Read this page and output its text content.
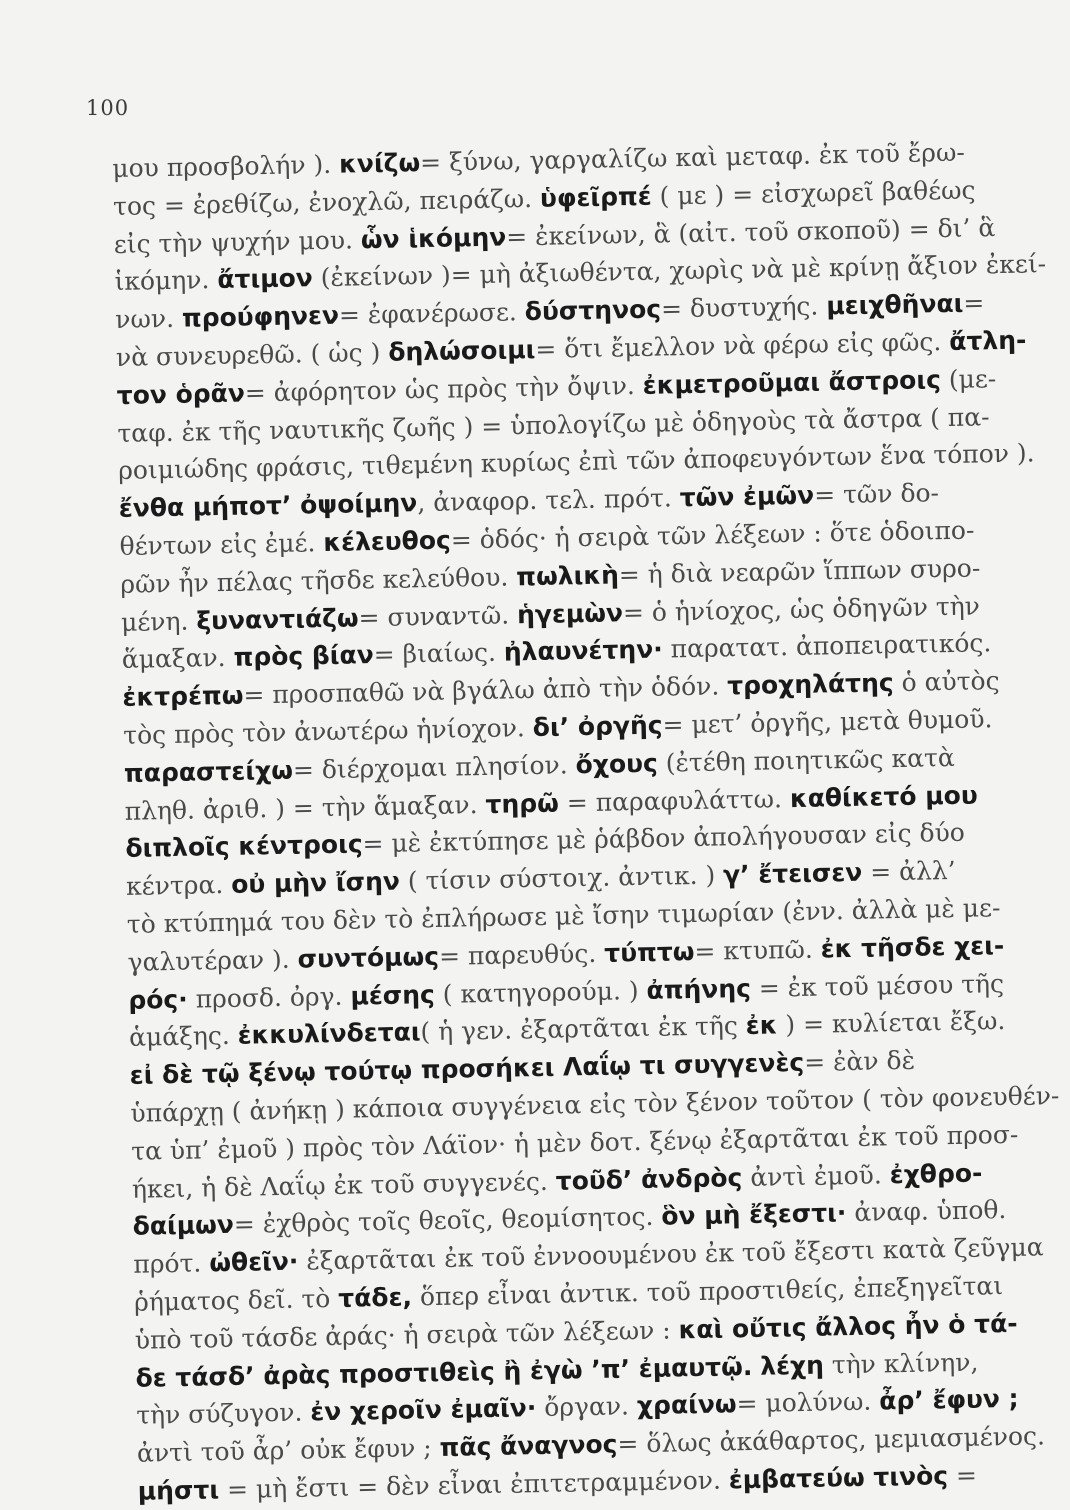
100
μου προσβολήν ). κνίζω= ξύνω, γαργαλίζω καὶ μεταφ. ἐκ τοῦ ἔρω-
τος = ἐρεθίζω, ἐνοχλῶ, πειράζω. ὑφεῖρπέ ( με ) = εἰσχωρεῖ βαθέως
εἰς τὴν ψυχήν μου. ὧν ἱκόμην= ἐκείνων, ἃ (αἰτ. τοῦ σκοποῦ) = δι’ ἃ
ἱκόμην. ἄτιμον (ἐκείνων )= μὴ ἀξιωθέντα, χωρὶς νὰ μὲ κρίνῃ ἄξιον ἐκεί-
νων. προύφηνεν= ἐφανέρωσε. δύστηνος= δυστυχής. μειχθῆναι=
νὰ συνευρεθῶ. ( ὡς ) δηλώσοιμι= ὅτι ἔμελλον νὰ φέρω εἰς φῶς. ἄτλη-
τον ὁρᾶν= ἀφόρητον ὡς πρὸς τὴν ὄψιν. ἐκμετροῦμαι ἄστροις (με-
ταφ. ἐκ τῆς ναυτικῆς ζωῆς ) = ὑπολογίζω μὲ ὁδηγοὺς τὰ ἄστρα ( πα-
ροιμιώδης φράσις, τιθεμένη κυρίως ἐπὶ τῶν ἀποφευγόντων ἕνα τόπον ).
ἔνθα μήποτ’ ὀψοίμην, ἀναφορ. τελ. πρότ. τῶν ἐμῶν= τῶν δο-
θέντων εἰς ἐμέ. κέλευθος= ὁδός· ἡ σειρὰ τῶν λέξεων : ὅτε ὁδοιπο-
ρῶν ἦν πέλας τῆσδε κελεύθου. πωλικὴ= ἡ διὰ νεαρῶν ἵππων συρο-
μένη. ξυναντιάζω= συναντῶ. ἡγεμὼν= ὁ ἡνίοχος, ὡς ὁδηγῶν τὴν
ἅμαξαν. πρὸς βίαν= βιαίως. ἠλαυνέτην· παρατατ. ἀποπειρατικός.
ἐκτρέπω= προσπαθῶ νὰ βγάλω ἀπὸ τὴν ὁδόν. τροχηλάτης ὁ αὐτὸς
τὸς πρὸς τὸν ἀνωτέρω ἡνίοχον. δι’ ὀργῆς= μετ’ ὀργῆς, μετὰ θυμοῦ.
παραστείχω= διέρχομαι πλησίον. ὄχους (ἐτέθη ποιητικῶς κατὰ
πληθ. ἀριθ. ) = τὴν ἅμαξαν. τηρῶ = παραφυλάττω. καθίκετό μου
διπλοῖς κέντροις= μὲ ἐκτύπησε μὲ ῥάβδον ἀπολήγουσαν εἰς δύο
κέντρα. οὐ μὴν ἴσην ( τίσιν σύστοιχ. ἀντικ. ) γ’ ἔτεισεν = ἀλλ’
τὸ κτύπημά του δὲν τὸ ἐπλήρωσε μὲ ἴσην τιμωρίαν (ἐνν. ἀλλὰ μὲ με-
γαλυτέραν ). συντόμως= παρευθύς. τύπτω= κτυπῶ. ἐκ τῆσδε χει-
ρός· προσδ. ὀργ. μέσης ( κατηγορούμ. ) ἀπήνης = ἐκ τοῦ μέσου τῆς
ἁμάξης. ἐκκυλίνδεται( ἡ γεν. ἐξαρτᾶται ἐκ τῆς ἐκ ) = κυλίεται ἔξω.
εἰ δὲ τῷ ξένῳ τούτῳ προσήκει Λαΐῳ τι συγγενὲς= ἐὰν δὲ
ὑπάρχῃ ( ἀνήκῃ ) κάποια συγγένεια εἰς τὸν ξένον τοῦτον ( τὸν φονευθέν-
τα ὑπ’ ἐμοῦ ) πρὸς τὸν Λάϊον· ἡ μὲν δοτ. ξένῳ ἐξαρτᾶται ἐκ τοῦ προσ-
ήκει, ἡ δὲ Λαΐῳ ἐκ τοῦ συγγενές. τοῦδ’ ἀνδρὸς ἀντὶ ἐμοῦ. ἐχθρο-
δαίμων= ἐχθρὸς τοῖς θεοῖς, θεομίσητος. ὃν μὴ ἔξεστι· ἀναφ. ὑποθ.
πρότ. ὠθεῖν· ἐξαρτᾶται ἐκ τοῦ ἐννοουμένου ἐκ τοῦ ἔξεστι κατὰ ζεῦγμα
ῥήματος δεῖ. τὸ τάδε, ὅπερ εἶναι ἀντικ. τοῦ προστιθείς, ἐπεξηγεῖται
ὑπὸ τοῦ τάσδε ἀράς· ἡ σειρὰ τῶν λέξεων : καὶ οὔτις ἄλλος ἦν ὁ τά-
δε τάσδ’ ἀρὰς προστιθεὶς ἢ ἐγὼ ’π’ ἐμαυτῷ. λέχη τὴν κλίνην,
τὴν σύζυγον. ἐν χεροῖν ἐμαῖν· ὄργαν. χραίνω= μολύνω. ἆρ’ ἔφυν ;
ἀντὶ τοῦ ἆρ’ οὐκ ἔφυν ; πᾶς ἄναγνος= ὅλως ἀκάθαρτος, μεμιασμένος.
μήστι = μὴ ἔστι = δὲν εἶναι ἐπιτετραμμένον. ἐμβατεύω τινὸς =
